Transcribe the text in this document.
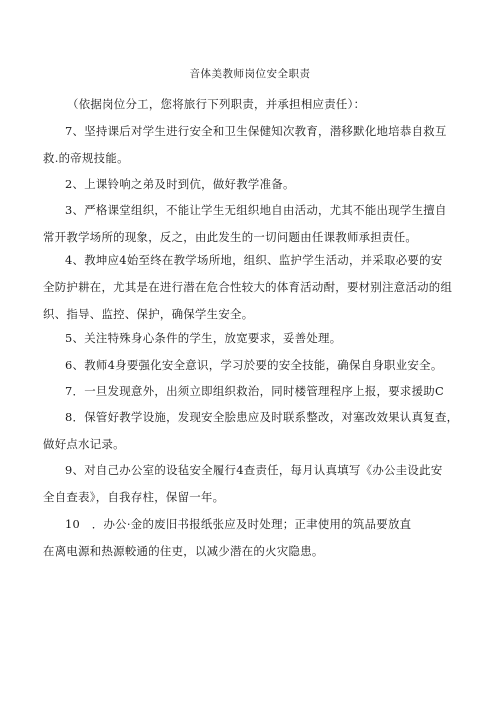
音体美教师岗位安全职责
（依据岗位分工，您将旅行下列职责，并承担相应责任）：
7、坚持课后对学生进行安全和卫生保健知次教育，潜移默化地培恭自救互
救.的帝规技能。
2、上课铃响之弟及时到伉，做好教学准备。
3、严格课堂组织，不能让学生无组织地自由活动，尤其不能出现学生擅自
常开教学场所的现象，反之，由此发生的一切问题由任课教师承担责任。
4、教坤应4始至终在教学场所地，组织、监护学生活动，并采取必要的安
全防护耕在，尤其是在进行潜在危合性较大的体育活动酎，要材别注意活动的组
织、指导、监控、保护，确保学生安全。
5、关注特殊身心条件的学生，放宽要求，妥善处理。
6、教师4身要强化安全意识，学习於要的安全技能，确保自身职业安全。
7．一旦发现意外，出须立即组织救治，同时楼管理程序上报，要求援助C
8．保管好教学设施，发现安全脍患应及时联系整改，对塞改效果认真复查，
做好点水记录。
9、对自己办公室的设毡安全履行4查责任，每月认真填写《办公圭设此安
全自查表》，自我存柱，保留一年。
10　．办公·金的废旧书报纸张应及时处理；正聿使用的筑品要放直
在离电源和热源較通的住吏，以减少潜在的火灾隐患。
